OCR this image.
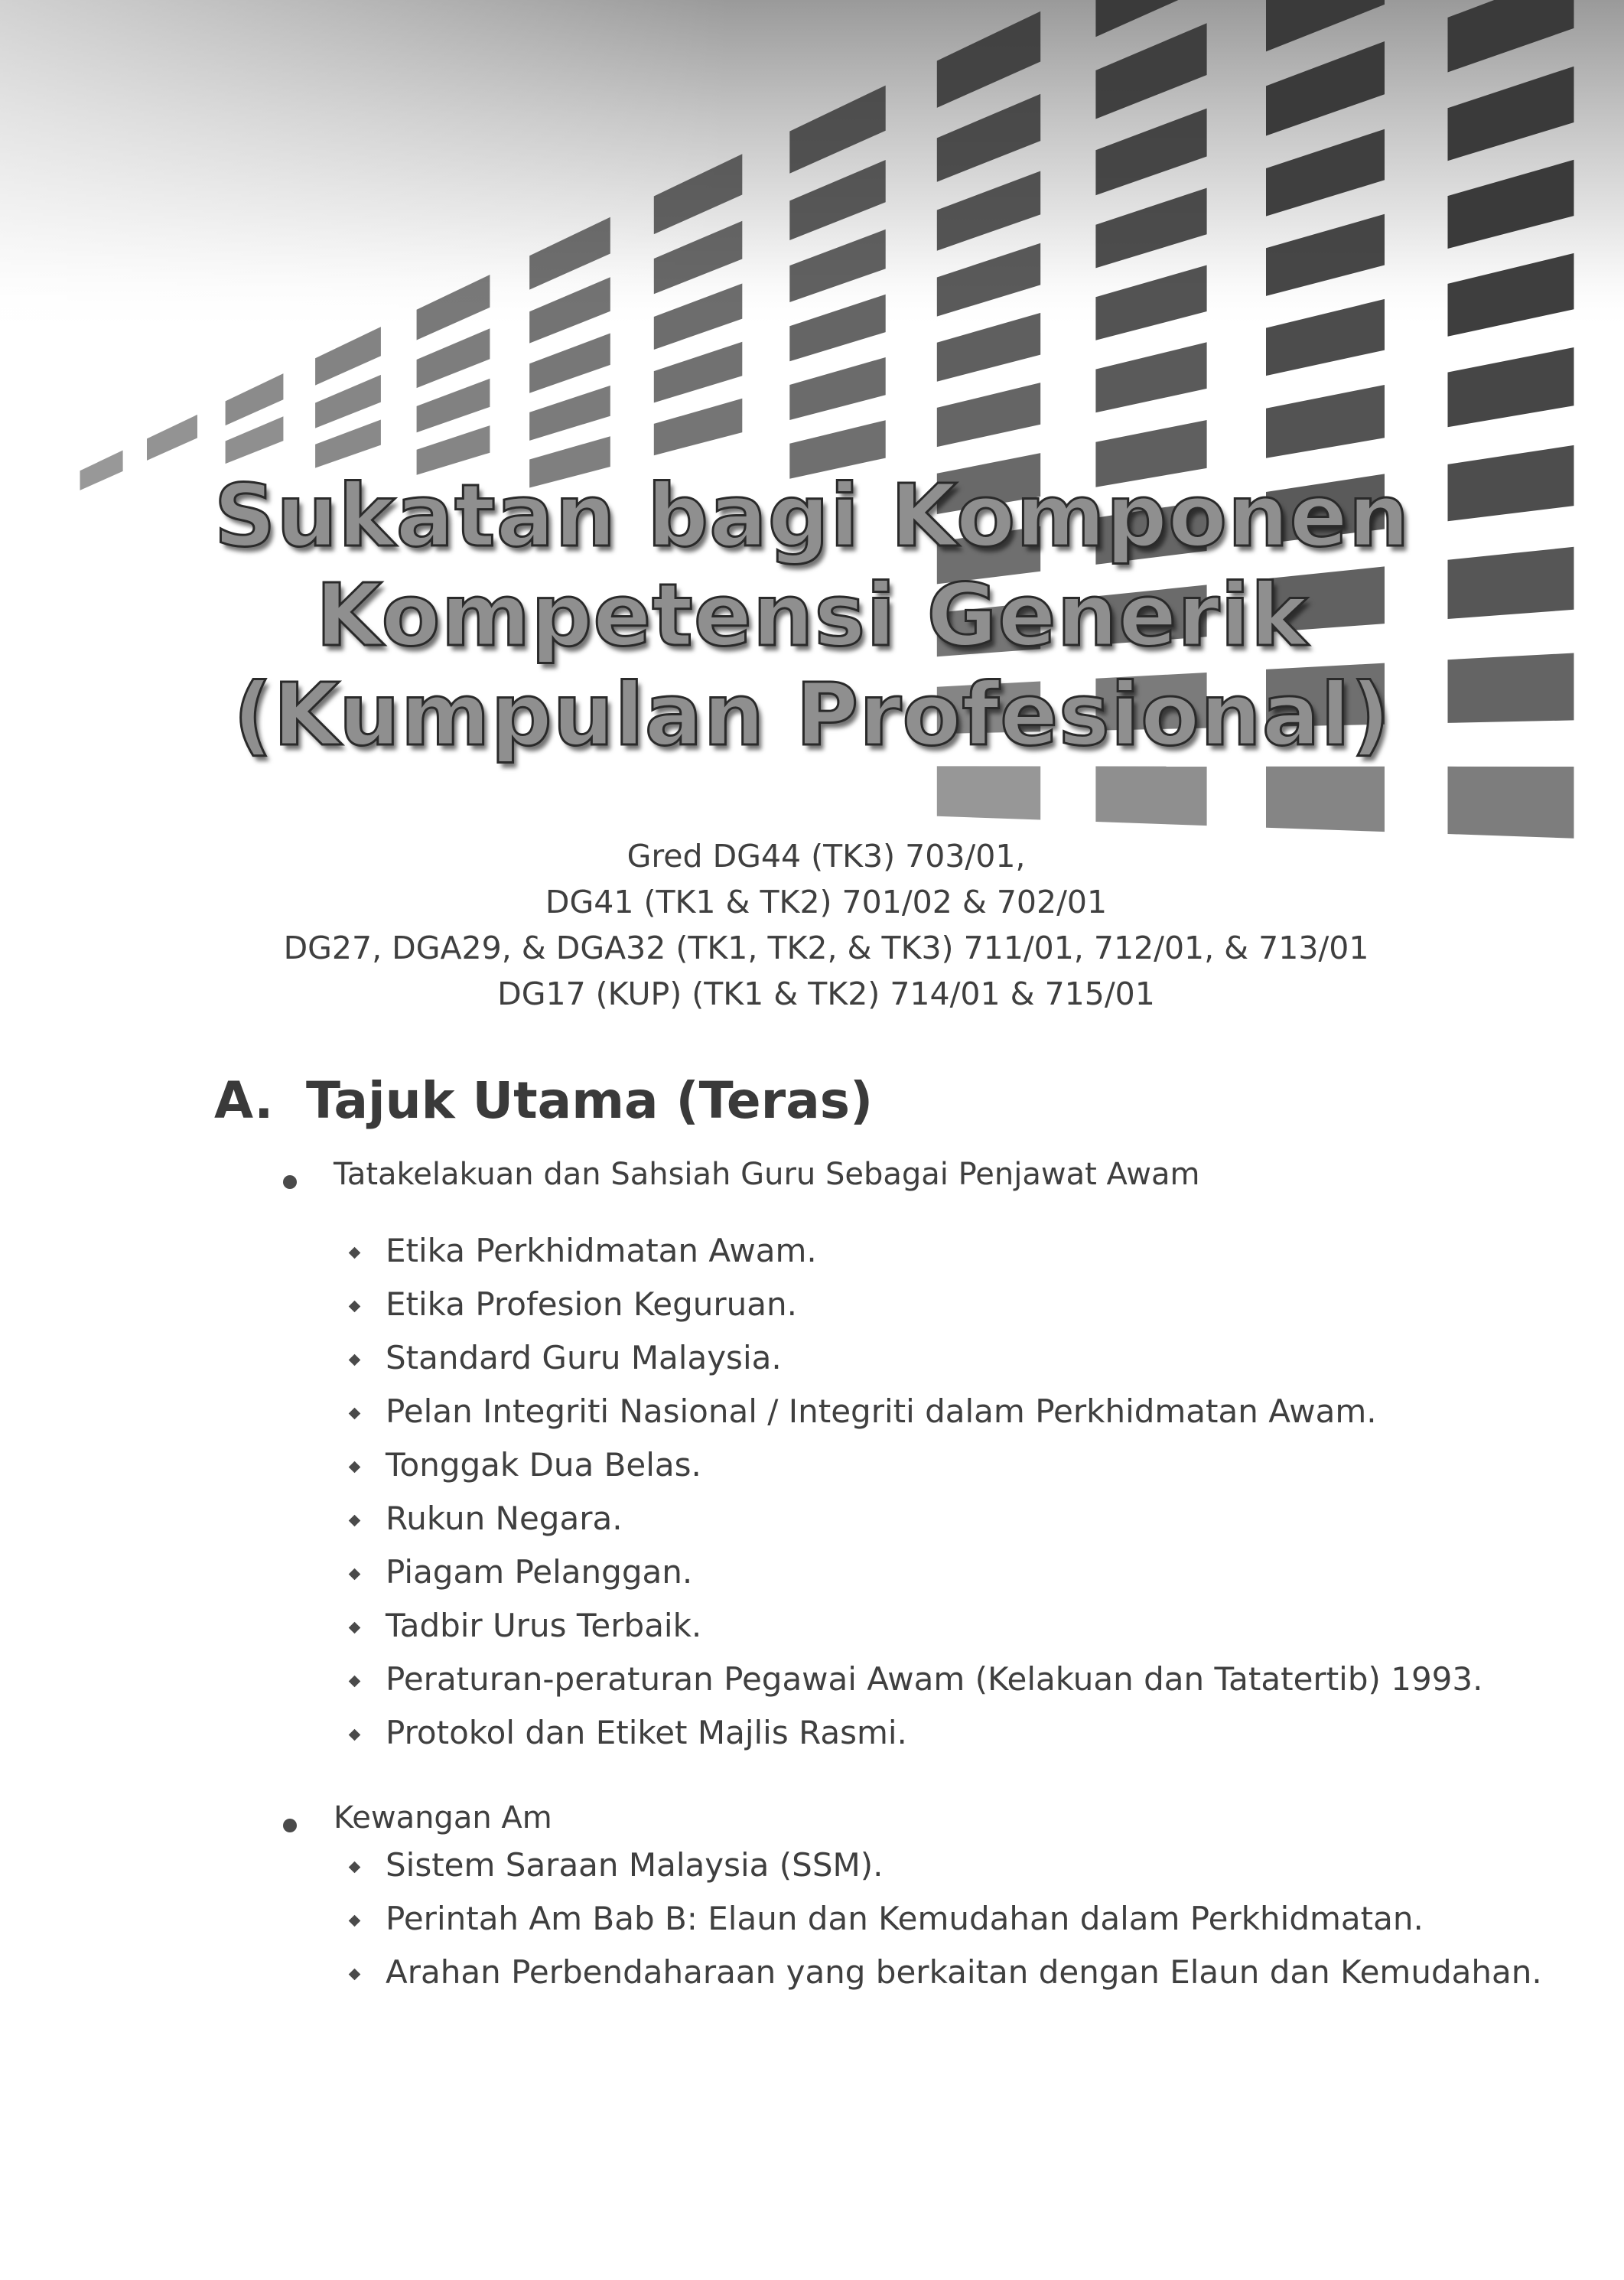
Sukatan bagi Komponen
Kompetensi Generik
(Kumpulan Profesional)
Gred DG44 (TK3) 703/01,
DG41 (TK1 & TK2) 701/02 & 702/01
DG27, DGA29, & DGA32 (TK1, TK2, & TK3) 711/01, 712/01, & 713/01
DG17 (KUP) (TK1 & TK2) 714/01 & 715/01
A. Tajuk Utama (Teras)
Tatakelakuan dan Sahsiah Guru Sebagai Penjawat Awam
Etika Perkhidmatan Awam.
Etika Profesion Keguruan.
Standard Guru Malaysia.
Pelan Integriti Nasional / Integriti dalam Perkhidmatan Awam.
Tonggak Dua Belas.
Rukun Negara.
Piagam Pelanggan.
Tadbir Urus Terbaik.
Peraturan-peraturan Pegawai Awam (Kelakuan dan Tatatertib) 1993.
Protokol dan Etiket Majlis Rasmi.
Kewangan Am
Sistem Saraan Malaysia (SSM).
Perintah Am Bab B: Elaun dan Kemudahan dalam Perkhidmatan.
Arahan Perbendaharaan yang berkaitan dengan Elaun dan Kemudahan.
